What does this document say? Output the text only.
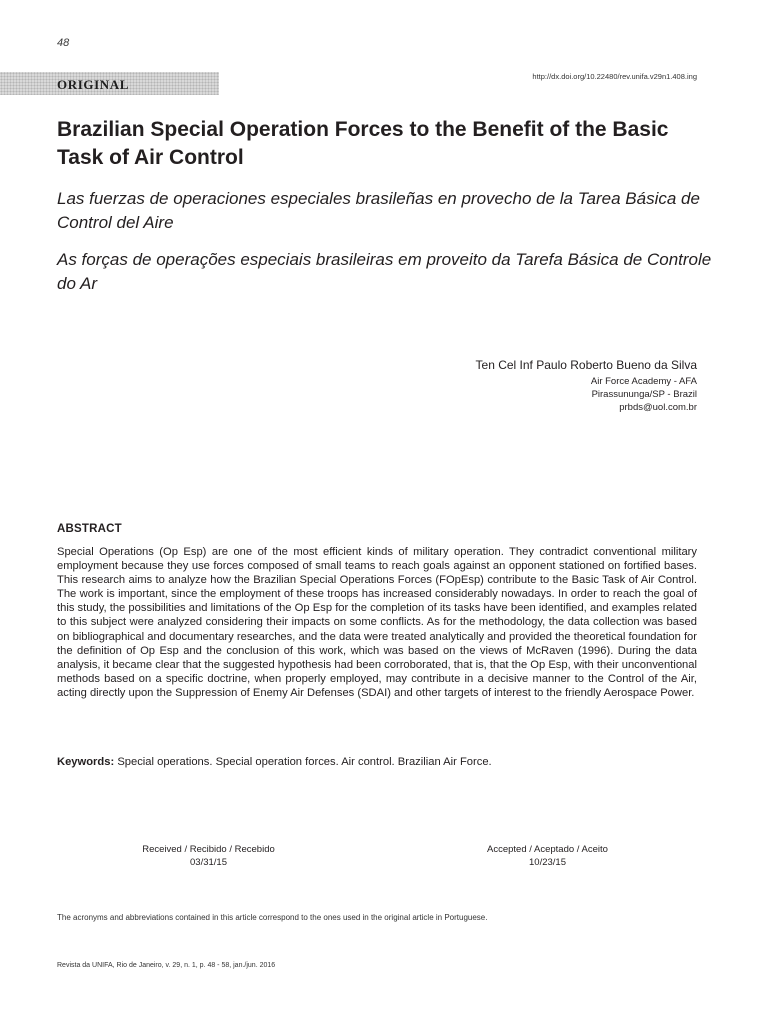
48
ORIGINAL
http://dx.doi.org/10.22480/rev.unifa.v29n1.408.ing
Brazilian Special Operation Forces to the Benefit of the Basic Task of Air Control
Las fuerzas de operaciones especiales brasileñas en provecho de la Tarea Básica de Control del Aire
As forças de operações especiais brasileiras em proveito da Tarefa Básica de Controle do Ar
Ten Cel Inf Paulo Roberto Bueno da Silva
Air Force Academy - AFA
Pirassununga/SP - Brazil
prbds@uol.com.br
ABSTRACT
Special Operations (Op Esp) are one of the most efficient kinds of military operation. They contradict conventional military employment because they use forces composed of small teams to reach goals against an opponent stationed on fortified bases. This research aims to analyze how the Brazilian Special Operations Forces (FOpEsp) contribute to the Basic Task of Air Control. The work is important, since the employment of these troops has increased considerably nowadays. In order to reach the goal of this study, the possibilities and limitations of the Op Esp for the completion of its tasks have been identified, and examples related to this subject were analyzed considering their impacts on some conflicts. As for the methodology, the data collection was based on bibliographical and documentary researches, and the data were treated analytically and provided the theoretical foundation for the definition of Op Esp and the conclusion of this work, which was based on the views of McRaven (1996). During the data analysis, it became clear that the suggested hypothesis had been corroborated, that is, that the Op Esp, with their unconventional methods based on a specific doctrine, when properly employed, may contribute in a decisive manner to the Control of the Air, acting directly upon the Suppression of Enemy Air Defenses (SDAI) and other targets of interest to the friendly Aerospace Power.
Keywords: Special operations. Special operation forces. Air control. Brazilian Air Force.
Received / Recibido / Recebido
03/31/15
Accepted / Aceptado / Aceito
10/23/15
The acronyms and abbreviations contained in this article correspond to the ones used in the original article in Portuguese.
Revista da UNIFA, Rio de Janeiro, v. 29, n. 1, p. 48 - 58, jan./jun. 2016
